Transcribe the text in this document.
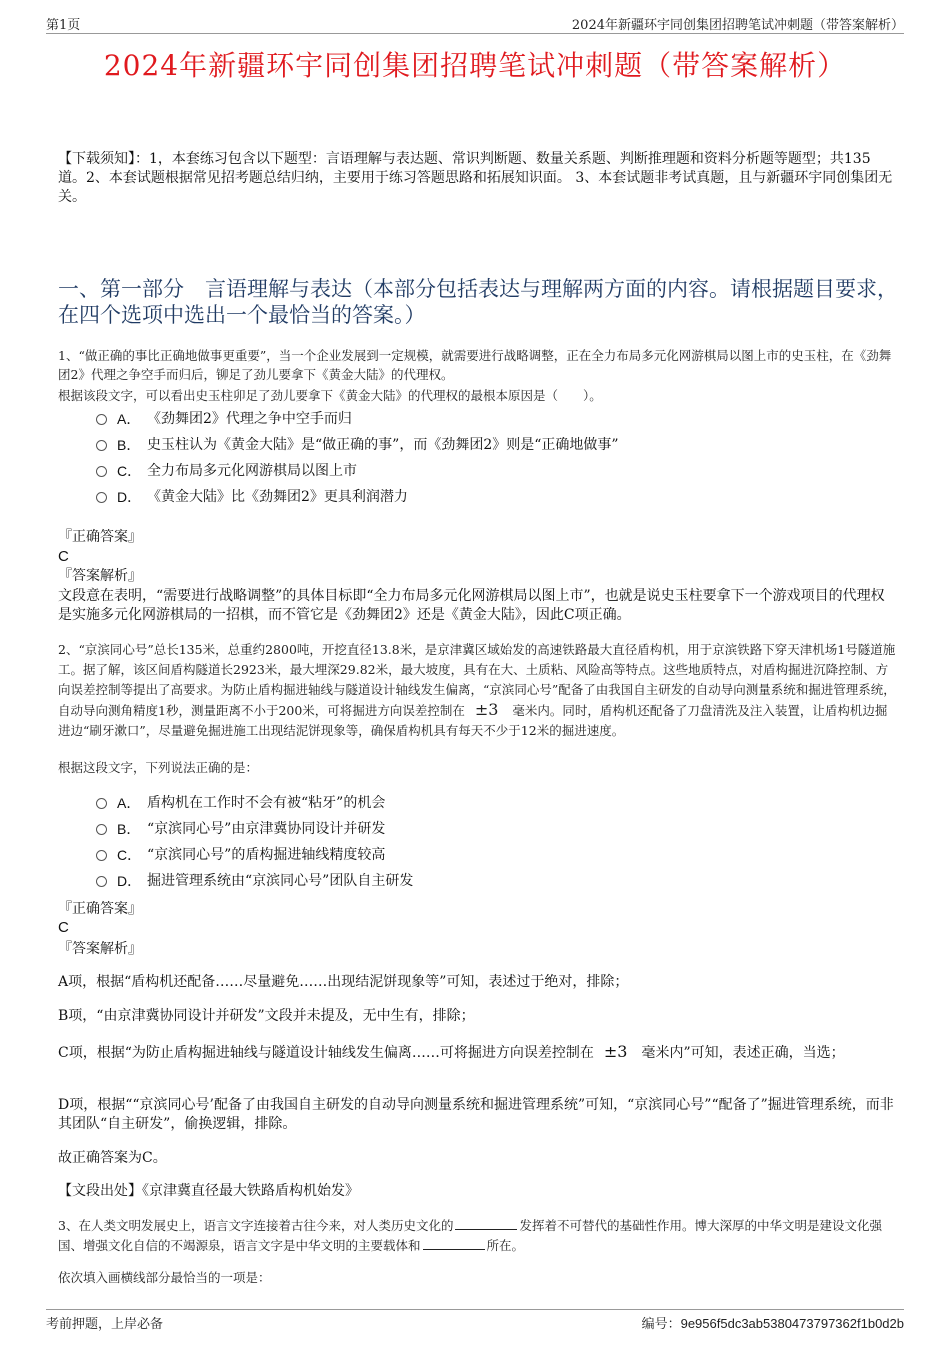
第1页	2024年新疆环宇同创集团招聘笔试冲刺题（带答案解析）
2024年新疆环宇同创集团招聘笔试冲刺题（带答案解析）
【下载须知】：1，本套练习包含以下题型：言语理解与表达题、常识判断题、数量关系题、判断推理题和资料分析题等题型；共135道。2、本套试题根据常见招考题总结归纳，主要用于练习答题思路和拓展知识面。 3、本套试题非考试真题，且与新疆环宇同创集团无关。
一、第一部分　言语理解与表达（本部分包括表达与理解两方面的内容。请根据题目要求，在四个选项中选出一个最恰当的答案。）
1、“做正确的事比正确地做事更重要”，当一个企业发展到一定规模，就需要进行战略调整，正在全力布局多元化网游棋局以图上市的史玉柱，在《劲舞团2》代理之争空手而归后，铆足了劲儿要拿下《黄金大陆》的代理权。
根据该段文字，可以看出史玉柱卯足了劲儿要拿下《黄金大陆》的代理权的最根本原因是（　　）。
A． 《劲舞团2》代理之争中空手而归
B． 史玉柱认为《黄金大陆》是“做正确的事”，而《劲舞团2》则是“正确地做事”
C． 全力布局多元化网游棋局以图上市
D． 《黄金大陆》比《劲舞团2》更具利润潜力
『正确答案』
C
『答案解析』
文段意在表明，“需要进行战略调整”的具体目标即“全力布局多元化网游棋局以图上市”，也就是说史玉柱要拿下一个游戏项目的代理权是实施多元化网游棋局的一招棋，而不管它是《劲舞团2》还是《黄金大陆》，因此C项正确。
2、“京滨同心号”总长135米，总重约2800吨，开挖直径13.8米，是京津冀区域始发的高速铁路最大直径盾构机，用于京滨铁路下穿天津机场1号隧道施工。据了解，该区间盾构隧道长2923米，最大埋深29.82米，最大坡度，具有在大、土质粘、风险高等特点。这些地质特点，对盾构掘进沉降控制、方向误差控制等提出了高要求。为防止盾构掘进轴线与隧道设计轴线发生偏离，“京滨同心号”配备了由我国自主研发的自动导向测量系统和掘进管理系统，自动导向测角精度1秒，测量距离不小于200米，可将掘进方向误差控制在 ±3 毫米内。同时，盾构机还配备了刀盘清洗及注入装置，让盾构机边掘进边“刷牙漱口”，尽量避免掘进施工出现结泥饼现象等，确保盾构机具有每天不少于12米的掘进速度。
根据这段文字，下列说法正确的是：
A． 盾构机在工作时不会有被“粘牙”的机会
B． “京滨同心号”由京津冀协同设计并研发
C． “京滨同心号”的盾构掘进轴线精度较高
D． 掘进管理系统由“京滨同心号”团队自主研发
『正确答案』
C
『答案解析』
A项，根据“盾构机还配备……尽量避免……出现结泥饼现象等”可知，表述过于绝对，排除；
B项，“由京津冀协同设计并研发”文段并未提及，无中生有，排除；
C项，根据“为防止盾构掘进轴线与隧道设计轴线发生偏离……可将掘进方向误差控制在 ±3 毫米内”可知，表述正确，当选；
D项，根据““京滨同心号’配备了由我国自主研发的自动导向测量系统和掘进管理系统”可知，“京滨同心号”“配备了”掘进管理系统，而非其团队“自主研发”，偷换逻辑，排除。
故正确答案为C。
【文段出处】《京津冀直径最大铁路盾构机始发》
3、在人类文明发展史上，语言文字连接着古往今来，对人类历史文化的	发挥着不可替代的基础性作用。博大深厚的中华文明是建设文化强国、增强文化自信的不竭源泉，语言文字是中华文明的主要载体和	所在。
依次填入画横线部分最恰当的一项是：
考前押题，上岸必备	编号：9e956f5dc3ab5380473797362f1b0d2b
